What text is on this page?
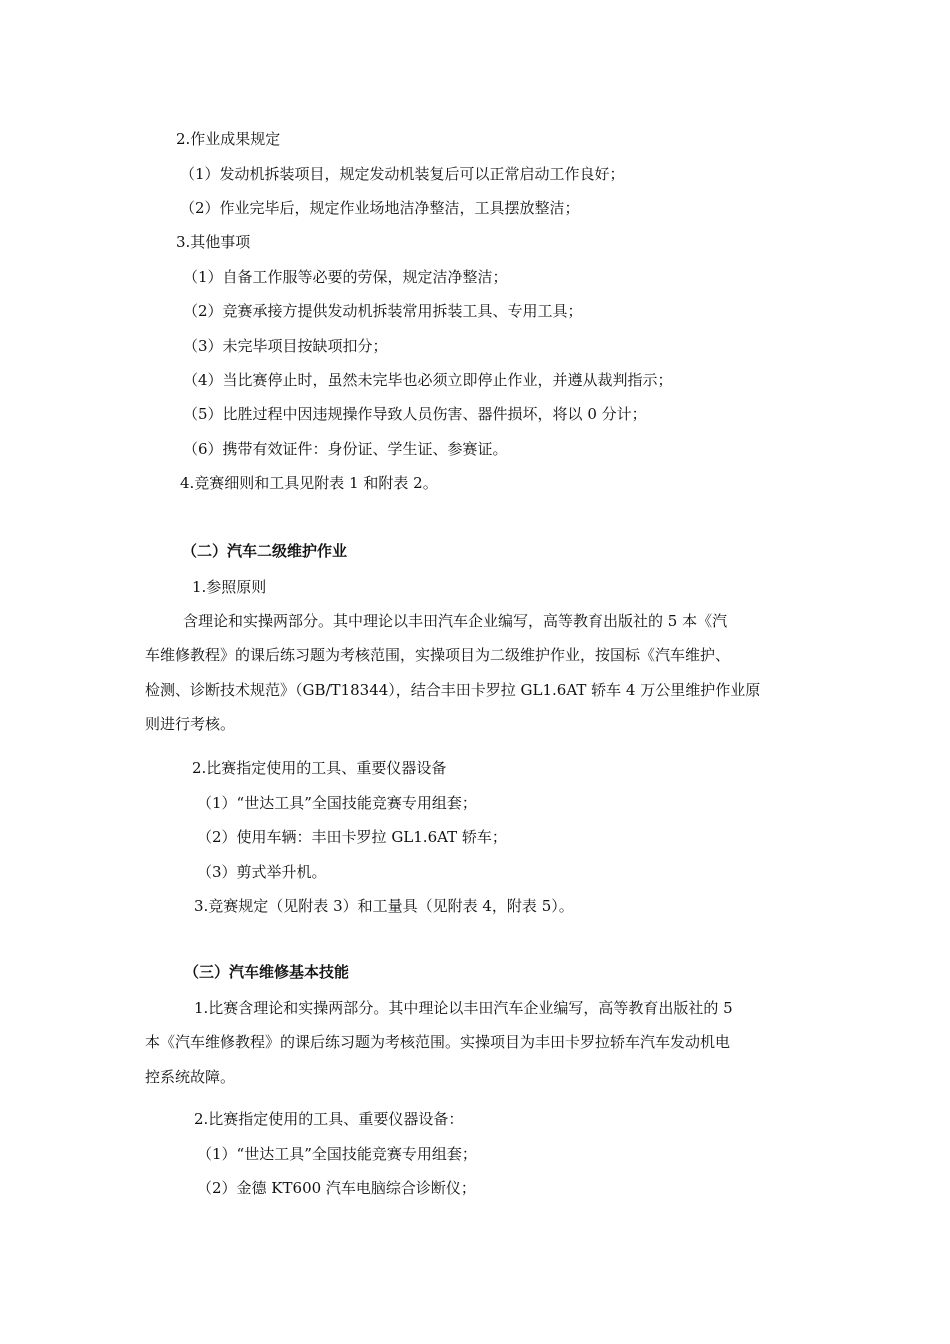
2.作业成果规定
（1）发动机拆装项目，规定发动机装复后可以正常启动工作良好；
（2）作业完毕后，规定作业场地洁净整洁，工具摆放整洁；
3.其他事项
（1）自备工作服等必要的劳保，规定洁净整洁；
（2）竞赛承接方提供发动机拆装常用拆装工具、专用工具；
（3）未完毕项目按缺项扣分；
（4）当比赛停止时，虽然未完毕也必须立即停止作业，并遵从裁判指示；
（5）比胜过程中因违规操作导致人员伤害、器件损坏，将以 0 分计；
（6）携带有效证件：身份证、学生证、参赛证。
4.竞赛细则和工具见附表 1 和附表 2。
（二）汽车二级维护作业
1.参照原则
含理论和实操两部分。其中理论以丰田汽车企业编写，高等教育出版社的 5 本《汽
车维修教程》的课后练习题为考核范围，实操项目为二级维护作业，按国标《汽车维护、
检测、诊断技术规范》（GB/T18344），结合丰田卡罗拉 GL1.6AT 轿车 4 万公里维护作业原
则进行考核。
2.比赛指定使用的工具、重要仪器设备
（1）“世达工具”全国技能竞赛专用组套；
（2）使用车辆：丰田卡罗拉 GL1.6AT 轿车；
（3）剪式举升机。
3.竞赛规定（见附表 3）和工量具（见附表 4，附表 5）。
（三）汽车维修基本技能
1.比赛含理论和实操两部分。其中理论以丰田汽车企业编写，高等教育出版社的 5
本《汽车维修教程》的课后练习题为考核范围。实操项目为丰田卡罗拉轿车汽车发动机电
控系统故障。
2.比赛指定使用的工具、重要仪器设备：
（1）“世达工具”全国技能竞赛专用组套；
（2）金德 KT600 汽车电脑综合诊断仪；
